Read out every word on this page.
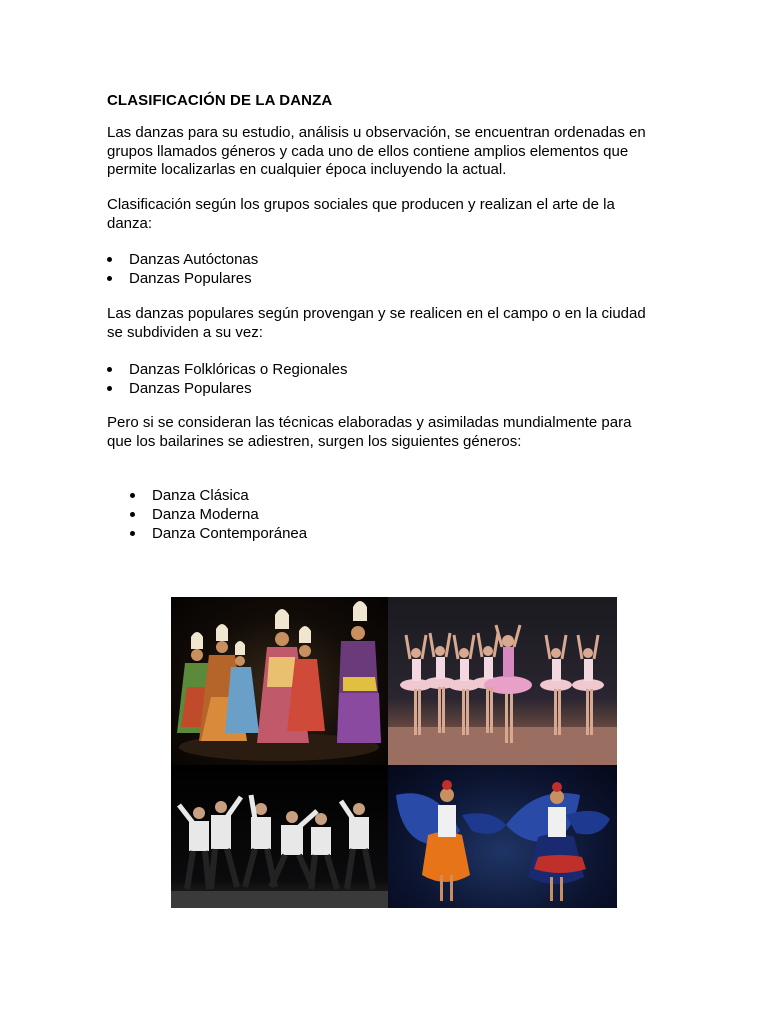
CLASIFICACIÓN DE LA DANZA

Las danzas para su estudio, análisis u observación, se encuentran ordenadas en
grupos llamados géneros y cada uno de ellos contiene amplios elementos que
permite localizarlas en cualquier época incluyendo la actual.

Clasificación según los grupos sociales que producen y realizan el arte de la
danza:

Danzas Autóctonas
Danzas Populares

Las danzas populares según provengan y se realicen en el campo o en la ciudad
se subdividen a su vez:

Danzas Folklóricas o Regionales
Danzas Populares

Pero si se consideran las técnicas elaboradas y asimiladas mundialmente para
que los bailarines se adiestren, surgen los siguientes géneros:

Danza Clásica
Danza Moderna
Danza Contemporánea
